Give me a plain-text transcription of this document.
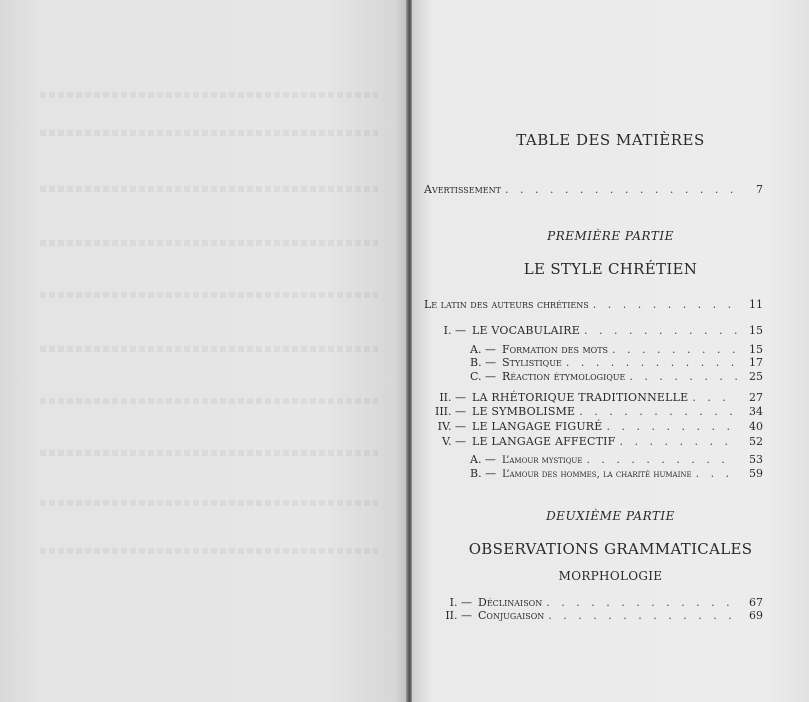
TABLE DES MATIÈRES
Avertissement . . .	7
PREMIÈRE PARTIE
LE STYLE CHRÉTIEN
Le latin des auteurs chrétiens . . .	11
I. — LE VOCABULAIRE . . .	15
A. — Formation des mots . . .	15
B. — Stylistique . . .	17
C. — Réaction étymologique . . .	25
II. — LA RHÉTORIQUE TRADITIONNELLE . . .	27
III. — LE SYMBOLISME . . .	34
IV. — LE LANGAGE FIGURÉ . . .	40
V. — LE LANGAGE AFFECTIF . . .	52
A. — L’amour mystique . . .	53
B. — L’amour des hommes, la charité humaine . . .	59
DEUXIÈME PARTIE
OBSERVATIONS GRAMMATICALES
MORPHOLOGIE
I. — Déclinaison . . .	67
II. — Conjugaison . . .	69
